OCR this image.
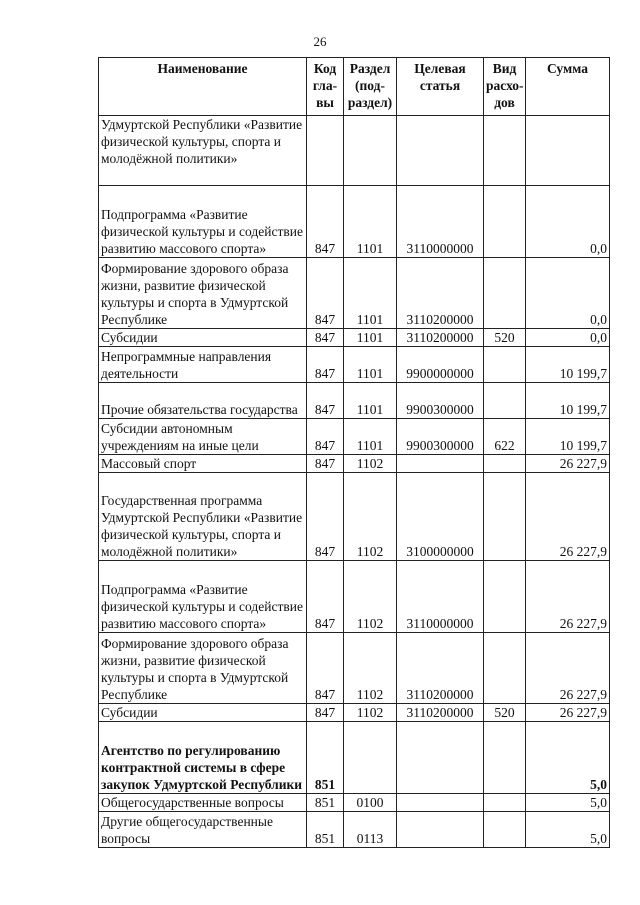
26
Наименование	Код гла-вы	Раздел (под-раздел)	Целевая статья	Вид расхо-дов	Сумма
Удмуртской Республики «Развитие физической культуры, спорта и молодёжной политики»					
Подпрограмма «Развитие физической культуры и содействие развитию массового спорта»	847	1101	3110000000		0,0
Формирование здорового образа жизни, развитие физической культуры и спорта в Удмуртской Республике	847	1101	3110200000		0,0
Субсидии	847	1101	3110200000	520	0,0
Непрограммные направления деятельности	847	1101	9900000000		10 199,7
Прочие обязательства государства	847	1101	9900300000		10 199,7
Субсидии автономным учреждениям на иные цели	847	1101	9900300000	622	10 199,7
Массовый спорт	847	1102			26 227,9
Государственная программа Удмуртской Республики «Развитие физической культуры, спорта и молодёжной политики»	847	1102	3100000000		26 227,9
Подпрограмма «Развитие физической культуры и содействие развитию массового спорта»	847	1102	3110000000		26 227,9
Формирование здорового образа жизни, развитие физической культуры и спорта в Удмуртской Республике	847	1102	3110200000		26 227,9
Субсидии	847	1102	3110200000	520	26 227,9
Агентство по регулированию контрактной системы в сфере закупок Удмуртской Республики	851				5,0
Общегосударственные вопросы	851	0100			5,0
Другие общегосударственные вопросы	851	0113			5,0
